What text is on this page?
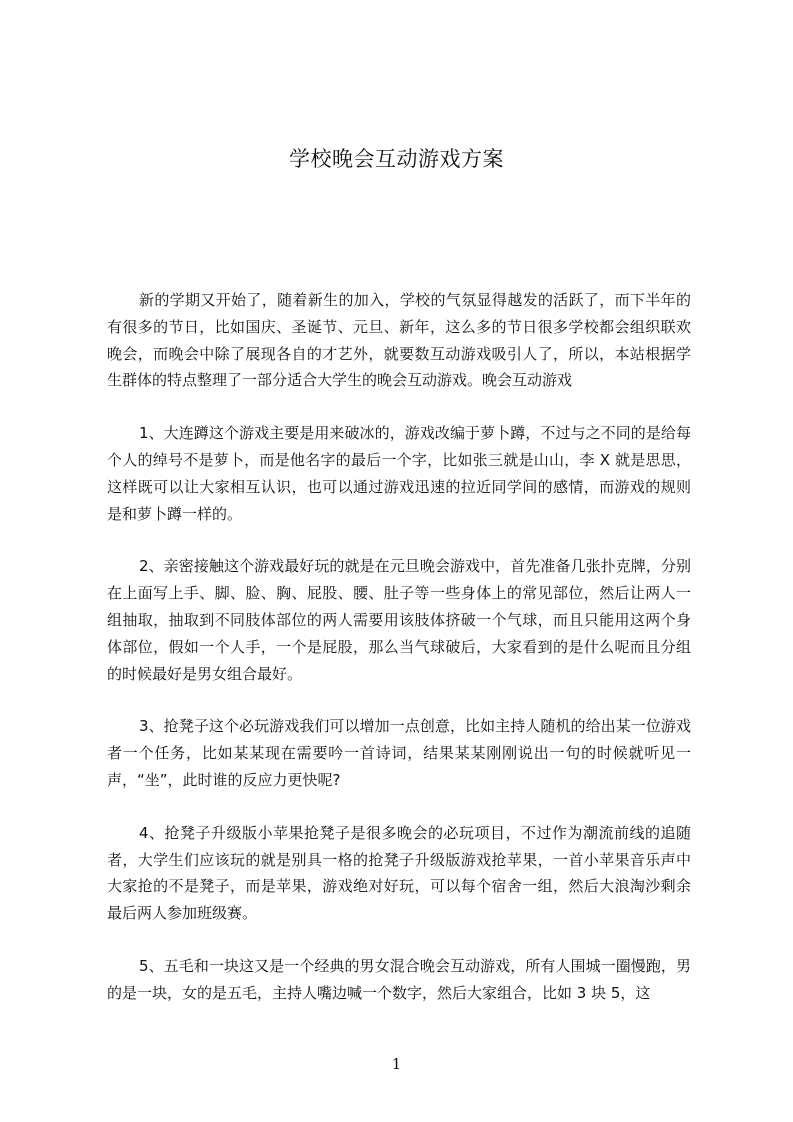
学校晚会互动游戏方案

新的学期又开始了，随着新生的加入，学校的气氛显得越发的活跃了，而下半年的有很多的节日，比如国庆、圣诞节、元旦、新年，这么多的节日很多学校都会组织联欢晚会，而晚会中除了展现各自的才艺外，就要数互动游戏吸引人了，所以，本站根据学生群体的特点整理了一部分适合大学生的晚会互动游戏。晚会互动游戏

1、大连蹲这个游戏主要是用来破冰的，游戏改编于萝卜蹲，不过与之不同的是给每个人的绰号不是萝卜，而是他名字的最后一个字，比如张三就是山山，李 X 就是思思，这样既可以让大家相互认识，也可以通过游戏迅速的拉近同学间的感情，而游戏的规则是和萝卜蹲一样的。

2、亲密接触这个游戏最好玩的就是在元旦晚会游戏中，首先准备几张扑克牌，分别在上面写上手、脚、脸、胸、屁股、腰、肚子等一些身体上的常见部位，然后让两人一组抽取，抽取到不同肢体部位的两人需要用该肢体挤破一个气球，而且只能用这两个身体部位，假如一个人手，一个是屁股，那么当气球破后，大家看到的是什么呢而且分组的时候最好是男女组合最好。

3、抢凳子这个必玩游戏我们可以增加一点创意，比如主持人随机的给出某一位游戏者一个任务，比如某某现在需要吟一首诗词，结果某某刚刚说出一句的时候就听见一声，“坐”，此时谁的反应力更快呢?

4、抢凳子升级版小苹果抢凳子是很多晚会的必玩项目，不过作为潮流前线的追随者，大学生们应该玩的就是别具一格的抢凳子升级版游戏抢苹果，一首小苹果音乐声中大家抢的不是凳子，而是苹果，游戏绝对好玩，可以每个宿舍一组，然后大浪淘沙剩余最后两人参加班级赛。

5、五毛和一块这又是一个经典的男女混合晚会互动游戏，所有人围城一圈慢跑，男的是一块，女的是五毛，主持人嘴边喊一个数字，然后大家组合，比如 3 块 5，这

1
